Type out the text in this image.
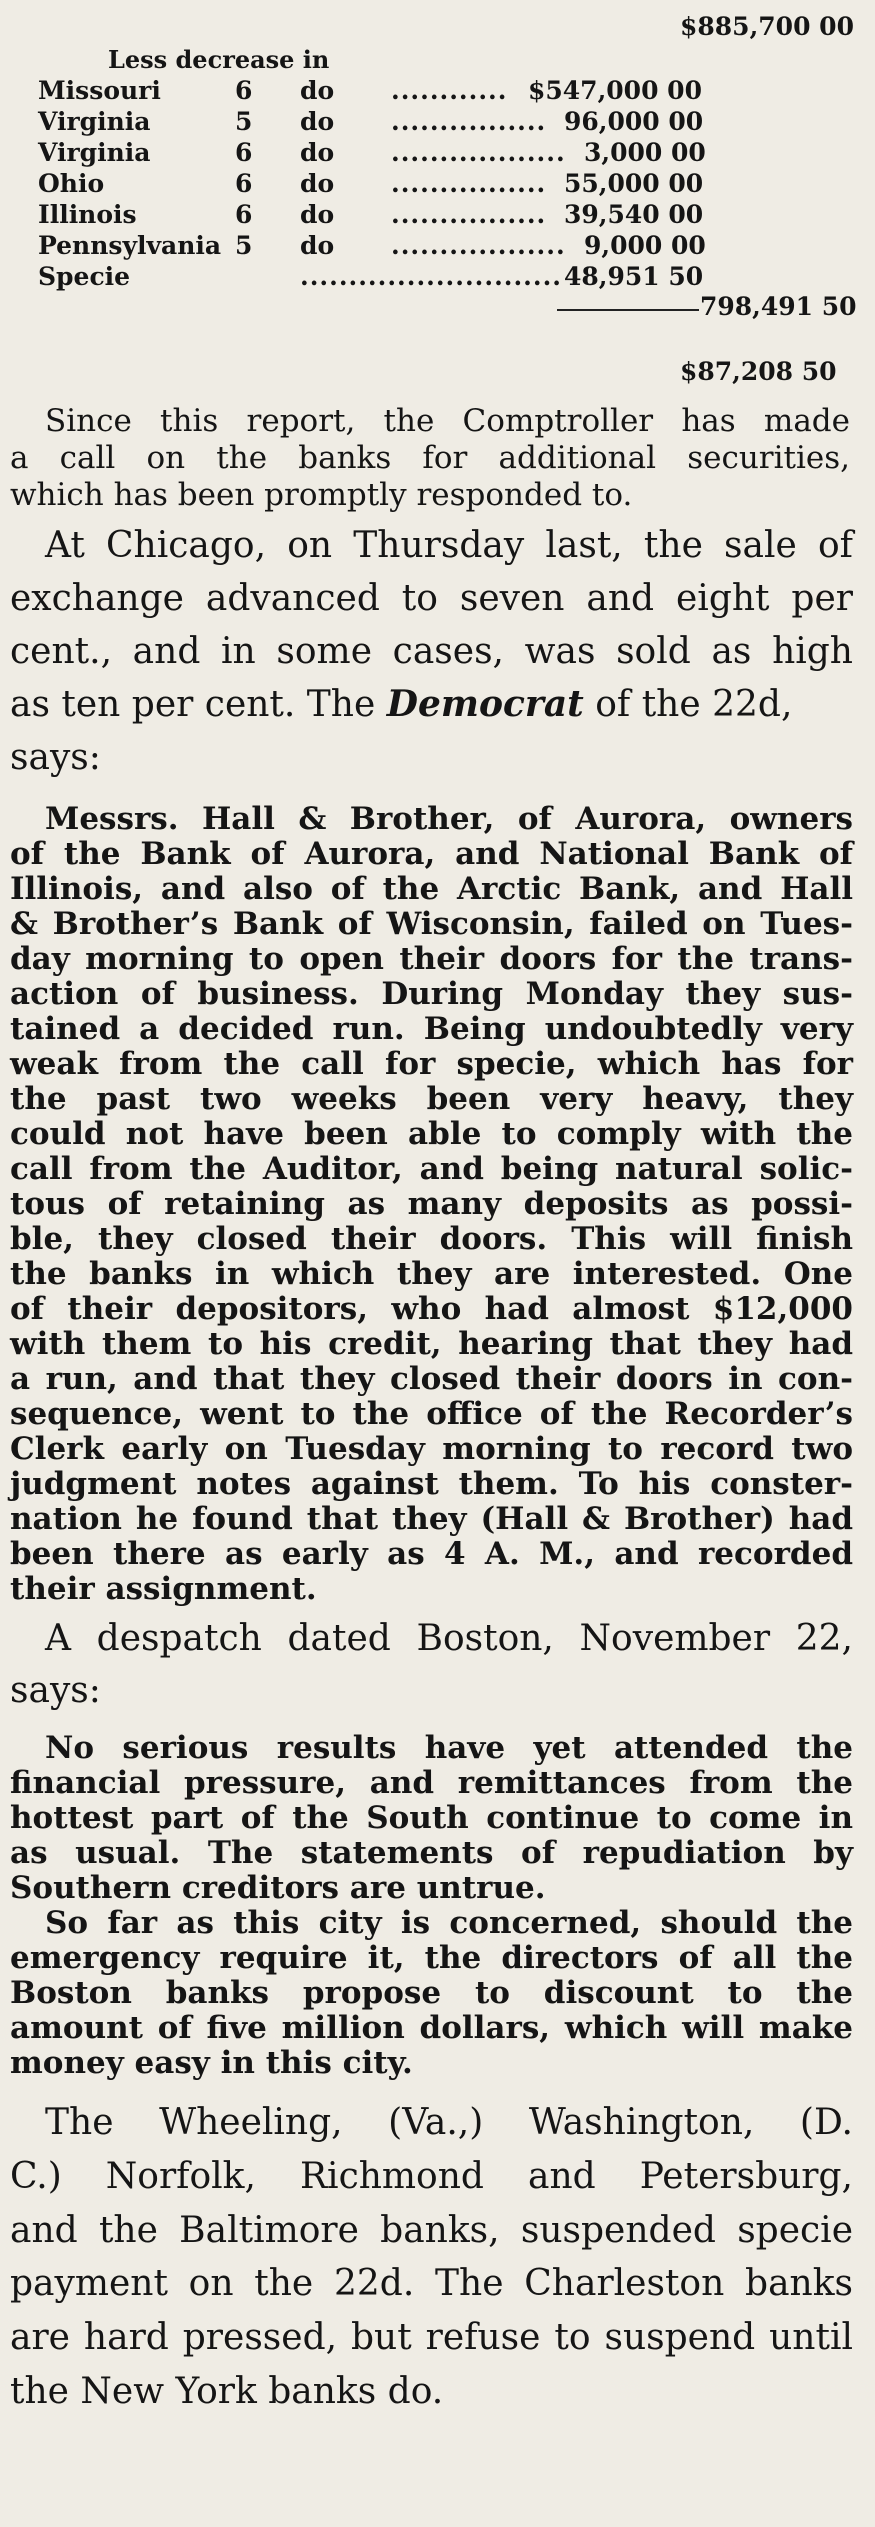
$885,700 00
Less decrease in
Missouri	6 do ............ $547,000 00
Virginia	5 do ................ 96,000 00
Virginia	6 do .................. 3,000 00
Ohio	6 do ................ 55,000 00
Illinois	6 do ................ 39,540 00
Pennsylvania 5 do .................. 9,000 00
Specie	........................... 48,951 50
798,491 50
$87,208 50
Since this report, the Comptroller has made
a call on the banks for additional securities,
which has been promptly responded to.
At Chicago, on Thursday last, the sale of
exchange advanced to seven and eight per
cent., and in some cases, was sold as high
as ten per cent. The Democrat of the 22d,
says:
Messrs. Hall & Brother, of Aurora, owners
of the Bank of Aurora, and National Bank of
Illinois, and also of the Arctic Bank, and Hall
& Brother’s Bank of Wisconsin, failed on Tues-
day morning to open their doors for the trans-
action of business. During Monday they sus-
tained a decided run. Being undoubtedly very
weak from the call for specie, which has for
the past two weeks been very heavy, they
could not have been able to comply with the
call from the Auditor, and being natural solic-
tous of retaining as many deposits as possi-
ble, they closed their doors. This will finish
the banks in which they are interested. One
of their depositors, who had almost $12,000
with them to his credit, hearing that they had
a run, and that they closed their doors in con-
sequence, went to the office of the Recorder’s
Clerk early on Tuesday morning to record two
judgment notes against them. To his conster-
nation he found that they (Hall & Brother) had
been there as early as 4 A. M., and recorded
their assignment.
A despatch dated Boston, November 22,
says:
No serious results have yet attended the
financial pressure, and remittances from the
hottest part of the South continue to come in
as usual. The statements of repudiation by
Southern creditors are untrue.
So far as this city is concerned, should the
emergency require it, the directors of all the
Boston banks propose to discount to the
amount of five million dollars, which will make
money easy in this city.
The Wheeling, (Va.,) Washington, (D.
C.) Norfolk, Richmond and Petersburg,
and the Baltimore banks, suspended specie
payment on the 22d. The Charleston banks
are hard pressed, but refuse to suspend until
the New York banks do.
